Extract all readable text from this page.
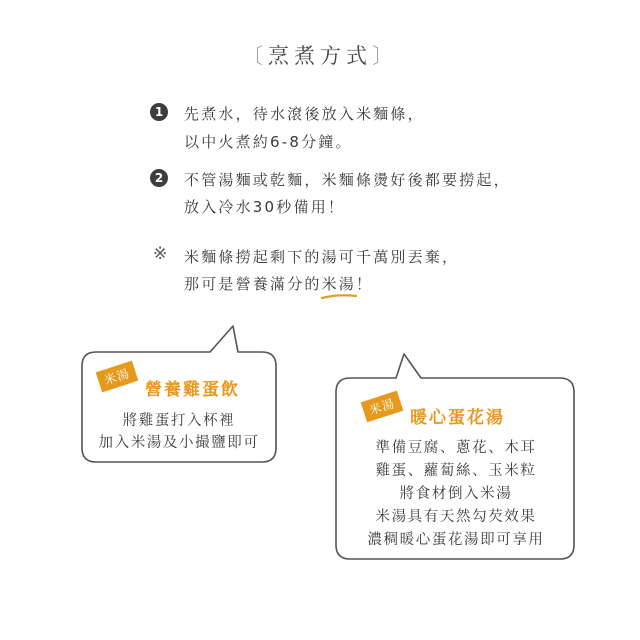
〔烹煮方式〕
1	先煮水，待水滾後放入米麵條，
以中火煮約6-8分鐘。
2	不管湯麵或乾麵，米麵條燙好後都要撈起，
放入冷水30秒備用！
※ 米麵條撈起剩下的湯可千萬別丟棄，
那可是營養滿分的米湯
！
米湯
營養雞蛋飲
將雞蛋打入杯裡
加入米湯及小撮鹽即可
米湯
暖心蛋花湯
準備豆腐、蔥花、木耳
雞蛋、蘿蔔絲、玉米粒
將食材倒入米湯
米湯具有天然勾芡效果
濃稠暖心蛋花湯即可享用
